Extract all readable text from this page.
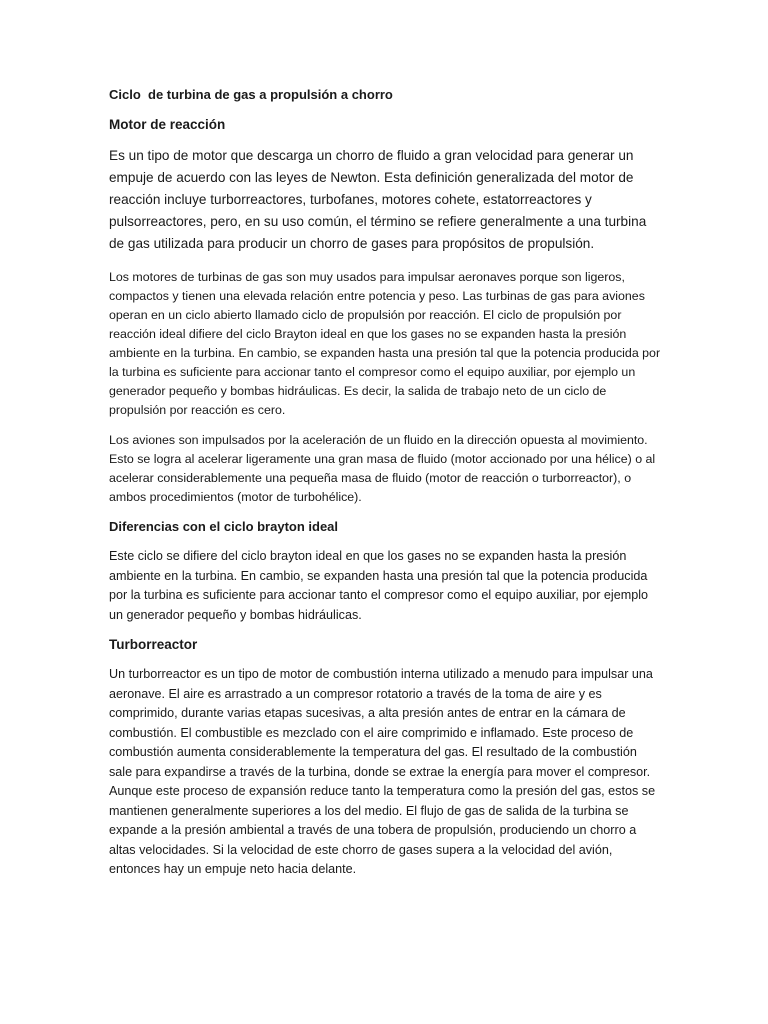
Ciclo  de turbina de gas a propulsión a chorro
Motor de reacción

Es un tipo de motor que descarga un chorro de fluido a gran velocidad para generar un empuje de acuerdo con las leyes de Newton. Esta definición generalizada del motor de reacción incluye turborreactores, turbofanes, motores cohete, estatorreactores y pulsorreactores, pero, en su uso común, el término se refiere generalmente a una turbina de gas utilizada para producir un chorro de gases para propósitos de propulsión.

Los motores de turbinas de gas son muy usados para impulsar aeronaves porque son ligeros, compactos y tienen una elevada relación entre potencia y peso. Las turbinas de gas para aviones operan en un ciclo abierto llamado ciclo de propulsión por reacción. El ciclo de propulsión por reacción ideal difiere del ciclo Brayton ideal en que los gases no se expanden hasta la presión ambiente en la turbina. En cambio, se expanden hasta una presión tal que la potencia producida por la turbina es suficiente para accionar tanto el compresor como el equipo auxiliar, por ejemplo un generador pequeño y bombas hidráulicas. Es decir, la salida de trabajo neto de un ciclo de propulsión por reacción es cero.

Los aviones son impulsados por la aceleración de un fluido en la dirección opuesta al movimiento. Esto se logra al acelerar ligeramente una gran masa de fluido (motor accionado por una hélice) o al acelerar considerablemente una pequeña masa de fluido (motor de reacción o turborreactor), o ambos procedimientos (motor de turbohélice).

Diferencias con el ciclo brayton ideal

Este ciclo se difiere del ciclo brayton ideal en que los gases no se expanden hasta la presión ambiente en la turbina. En cambio, se expanden hasta una presión tal que la potencia producida por la turbina es suficiente para accionar tanto el compresor como el equipo auxiliar, por ejemplo un generador pequeño y bombas hidráulicas.

Turborreactor

Un turborreactor es un tipo de motor de combustión interna utilizado a menudo para impulsar una aeronave. El aire es arrastrado a un compresor rotatorio a través de la toma de aire y es comprimido, durante varias etapas sucesivas, a alta presión antes de entrar en la cámara de combustión. El combustible es mezclado con el aire comprimido e inflamado. Este proceso de combustión aumenta considerablemente la temperatura del gas. El resultado de la combustión sale para expandirse a través de la turbina, donde se extrae la energía para mover el compresor. Aunque este proceso de expansión reduce tanto la temperatura como la presión del gas, estos se mantienen generalmente superiores a los del medio. El flujo de gas de salida de la turbina se expande a la presión ambiental a través de una tobera de propulsión, produciendo un chorro a altas velocidades. Si la velocidad de este chorro de gases supera a la velocidad del avión, entonces hay un empuje neto hacia delante.
